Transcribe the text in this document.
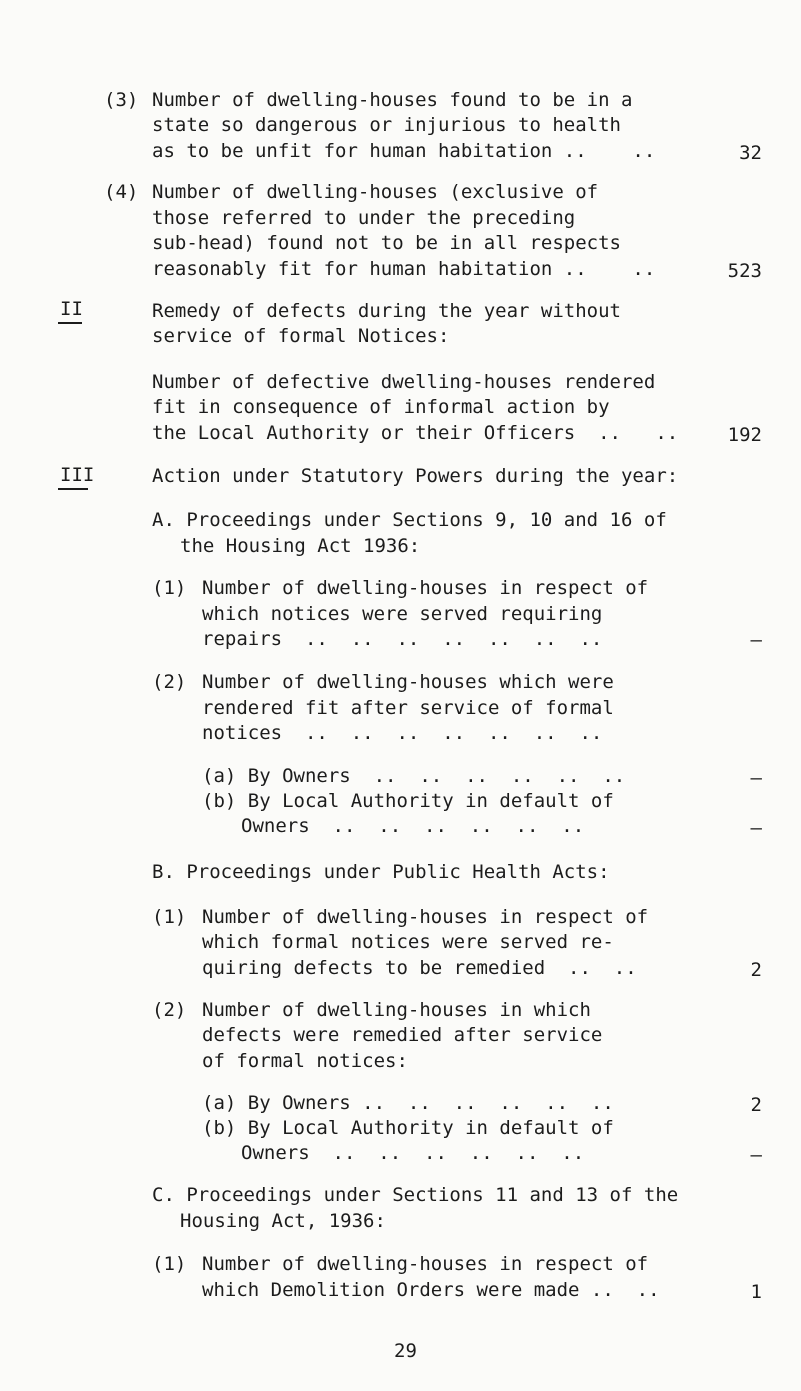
(3) Number of dwelling-houses found to be in a
state so dangerous or injurious to health
as to be unfit for human habitation ..    ..	32
(4) Number of dwelling-houses (exclusive of
those referred to under the preceding
sub-head) found not to be in all respects
reasonably fit for human habitation ..    ..	523
II	Remedy of defects during the year without
service of formal Notices:
Number of defective dwelling-houses rendered
fit in consequence of informal action by
the Local Authority or their Officers  ..   ..	192
III	Action under Statutory Powers during the year:
A. Proceedings under Sections 9, 10 and 16 of
the Housing Act 1936:
(1) Number of dwelling-houses in respect of
which notices were served requiring
repairs  ..  ..  ..  ..  ..  ..  ..	—
(2) Number of dwelling-houses which were
rendered fit after service of formal
notices  ..  ..  ..  ..  ..  ..  ..
(a) By Owners  ..  ..  ..  ..  ..  ..	—
(b) By Local Authority in default of
Owners  ..  ..  ..  ..  ..  ..	—
B. Proceedings under Public Health Acts:
(1) Number of dwelling-houses in respect of
which formal notices were served re-
quiring defects to be remedied  ..  ..	2
(2) Number of dwelling-houses in which
defects were remedied after service
of formal notices:
(a) By Owners ..  ..  ..  ..  ..  ..	2
(b) By Local Authority in default of
Owners  ..  ..  ..  ..  ..  ..	—
C. Proceedings under Sections 11 and 13 of the
Housing Act, 1936:
(1) Number of dwelling-houses in respect of
which Demolition Orders were made ..  ..	1
29
